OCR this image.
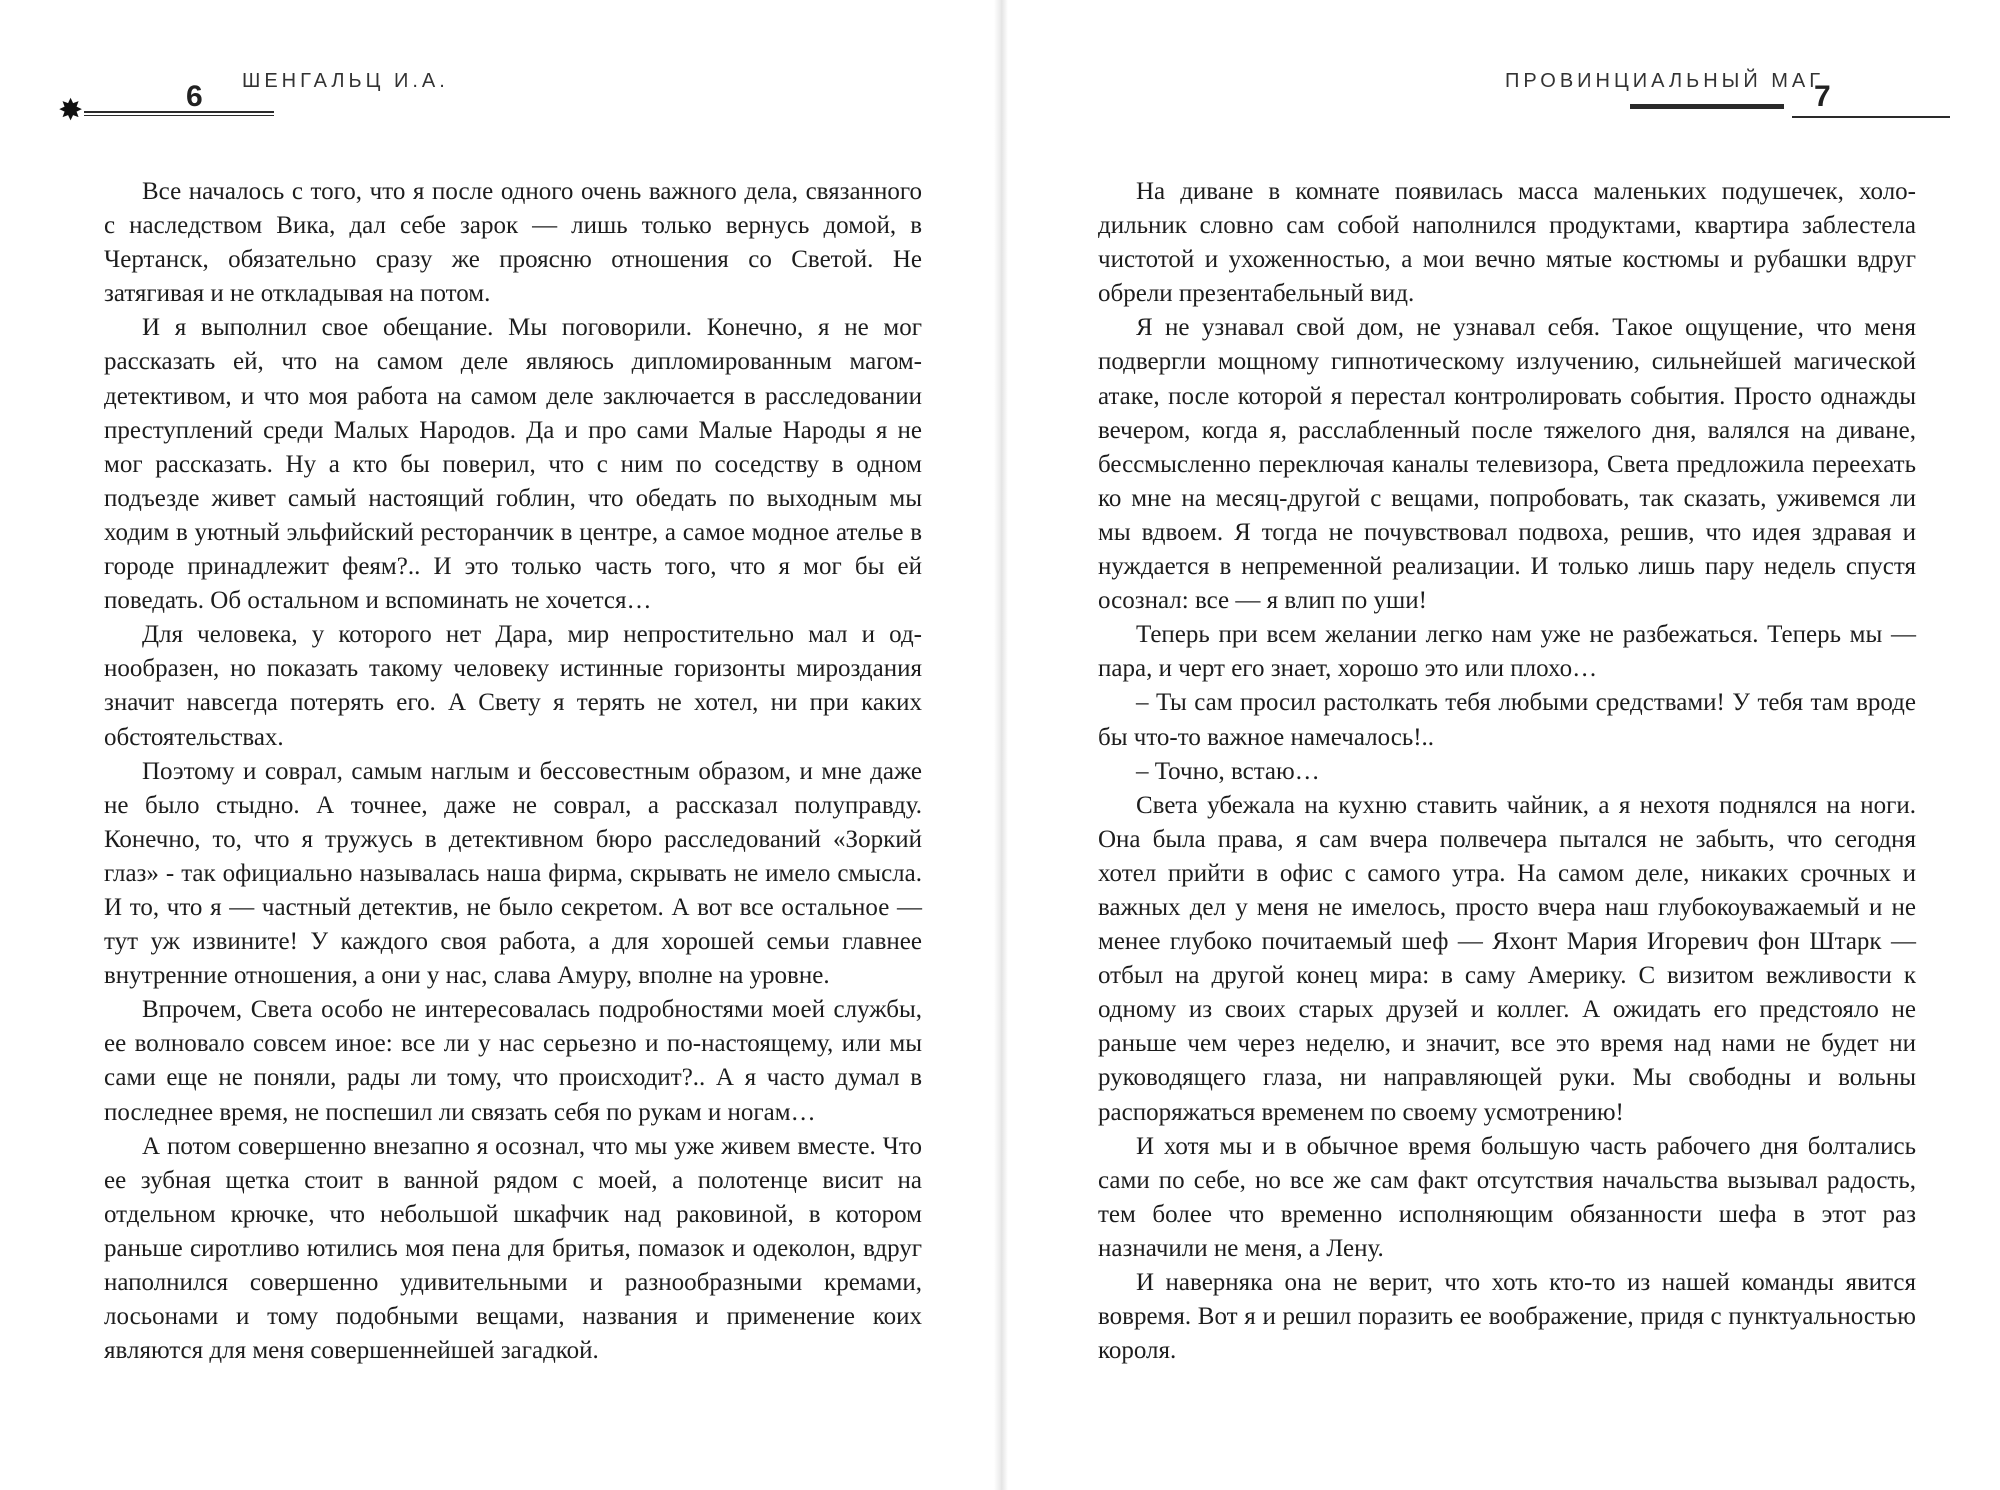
✸	6 ШЕНГАЛЬЦ И.А.

Все началось с того, что я после одного очень важного дела, связанного с наследством Вика, дал себе зарок — лишь только вернусь домой, в Чертанск, обязательно сразу же проясню отношения со Светой. Не затягивая и не откладывая на потом.

И я выполнил свое обещание. Мы поговорили. Конечно, я не мог рассказать ей, что на самом деле являюсь дипломированным магом-детективом, и что моя работа на самом деле заключается в расследовании преступлений среди Малых Народов. Да и про сами Малые Народы я не мог рассказать. Ну а кто бы поверил, что с ним по соседству в одном подъезде живет самый настоящий гоблин, что обедать по выходным мы ходим в уютный эльфийский ресторанчик в центре, а самое модное ателье в городе принадлежит феям?.. И это только часть того, что я мог бы ей поведать. Об остальном и вспоминать не хочется…

Для человека, у которого нет Дара, мир непростительно мал и однообразен, но показать такому человеку истинные горизонты мироздания значит навсегда потерять его. А Свету я терять не хотел, ни при каких обстоятельствах.

Поэтому и соврал, самым наглым и бессовестным образом, и мне даже не было стыдно. А точнее, даже не соврал, а рассказал полуправду. Конечно, то, что я тружусь в детективном бюро расследований «Зоркий глаз» - так официально называлась наша фирма, скрывать не имело смысла. И то, что я — частный детектив, не было секретом. А вот все остальное — тут уж извините! У каждого своя работа, а для хорошей семьи главнее внутренние отношения, а они у нас, слава Амуру, вполне на уровне.

Впрочем, Света особо не интересовалась подробностями моей службы, ее волновало совсем иное: все ли у нас серьезно и по-настоящему, или мы сами еще не поняли, рады ли тому, что происходит?.. А я часто думал в последнее время, не поспешил ли связать себя по рукам и ногам…

А потом совершенно внезапно я осознал, что мы уже живем вместе. Что ее зубная щетка стоит в ванной рядом с моей, а полотенце висит на отдельном крючке, что небольшой шкафчик над раковиной, в котором раньше сиротливо ютились моя пена для бритья, помазок и одеколон, вдруг наполнился совершенно удивительными и разнообразными кремами, лосьонами и тому подобными вещами, названия и применение коих являются для меня совершеннейшей загадкой.

ПРОВИНЦИАЛЬНЫЙ МАГ
7

На диване в комнате появилась масса маленьких подушечек, холодильник словно сам собой наполнился продуктами, квартира заблестела чистотой и ухоженностью, а мои вечно мятые костюмы и рубашки вдруг обрели презентабельный вид.

Я не узнавал свой дом, не узнавал себя. Такое ощущение, что меня подвергли мощному гипнотическому излучению, сильнейшей магической атаке, после которой я перестал контролировать события. Просто однажды вечером, когда я, расслабленный после тяжелого дня, валялся на диване, бессмысленно переключая каналы телевизора, Света предложила переехать ко мне на месяц-другой с вещами, попробовать, так сказать, уживемся ли мы вдвоем. Я тогда не почувствовал подвоха, решив, что идея здравая и нуждается в непременной реализации. И только лишь пару недель спустя осознал: все — я влип по уши!

Теперь при всем желании легко нам уже не разбежаться. Теперь мы — пара, и черт его знает, хорошо это или плохо…

– Ты сам просил растолкать тебя любыми средствами! У тебя там вроде бы что-то важное намечалось!..

– Точно, встаю…

Света убежала на кухню ставить чайник, а я нехотя поднялся на ноги. Она была права, я сам вчера полвечера пытался не забыть, что сегодня хотел прийти в офис с самого утра. На самом деле, никаких срочных и важных дел у меня не имелось, просто вчера наш глубокоуважаемый и не менее глубоко почитаемый шеф — Яхонт Мария Игоревич фон Штарк — отбыл на другой конец мира: в саму Америку. С визитом вежливости к одному из своих старых друзей и коллег. А ожидать его предстояло не раньше чем через неделю, и значит, все это время над нами не будет ни руководящего глаза, ни направляющей руки. Мы свободны и вольны распоряжаться временем по своему усмотрению!

И хотя мы и в обычное время большую часть рабочего дня болтались сами по себе, но все же сам факт отсутствия начальства вызывал радость, тем более что временно исполняющим обязанности шефа в этот раз назначили не меня, а Лену.

И наверняка она не верит, что хоть кто-то из нашей команды явится вовремя. Вот я и решил поразить ее воображение, придя с пунктуальностью короля.
